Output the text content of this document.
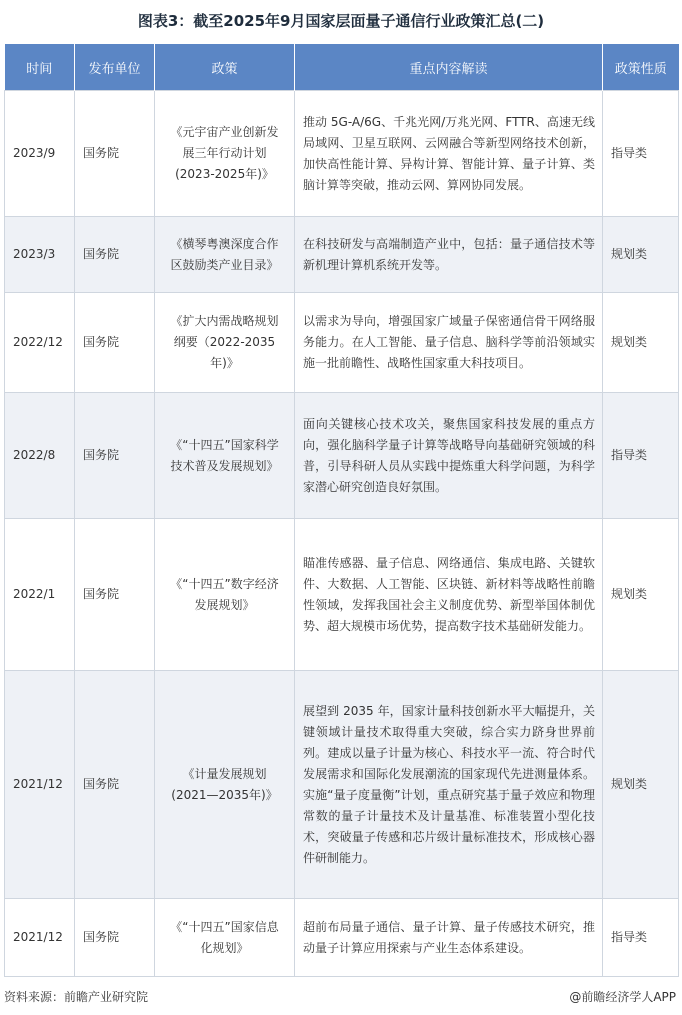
图表3：截至2025年9月国家层面量子通信行业政策汇总(二)
时间	发布单位	政策	重点内容解读	政策性质
2023/9	国务院	《元宇宙产业创新发展三年行动计划(2023-2025年)》	推动 5G-A/6G、千兆光网/万兆光网、FTTR、高速无线局域网、卫星互联网、云网融合等新型网络技术创新，加快高性能计算、异构计算、智能计算、量子计算、类脑计算等突破，推动云网、算网协同发展。	指导类
2023/3	国务院	《横琴粤澳深度合作区鼓励类产业目录》	在科技研发与高端制造产业中，包括：量子通信技术等新机理计算机系统开发等。	规划类
2022/12	国务院	《扩大内需战略规划纲要（2022-2035年)》	以需求为导向，增强国家广域量子保密通信骨干网络服务能力。在人工智能、量子信息、脑科学等前沿领域实施一批前瞻性、战略性国家重大科技项目。	规划类
2022/8	国务院	《“十四五”国家科学技术普及发展规划》	面向关键核心技术攻关，聚焦国家科技发展的重点方向，强化脑科学量子计算等战略导向基础研究领域的科普，引导科研人员从实践中提炼重大科学问题，为科学家潜心研究创造良好氛围。	指导类
2022/1	国务院	《“十四五”数字经济发展规划》	瞄准传感器、量子信息、网络通信、集成电路、关键软件、大数据、人工智能、区块链、新材料等战略性前瞻性领域，发挥我国社会主义制度优势、新型举国体制优势、超大规模市场优势，提高数字技术基础研发能力。	规划类
2021/12	国务院	《计量发展规划(2021—2035年)》	展望到 2035 年，国家计量科技创新水平大幅提升，关键领域计量技术取得重大突破，综合实力跻身世界前列。建成以量子计量为核心、科技水平一流、符合时代发展需求和国际化发展潮流的国家现代先进测量体系。实施“量子度量衡”计划，重点研究基于量子效应和物理常数的量子计量技术及计量基准、标准装置小型化技术，突破量子传感和芯片级计量标准技术，形成核心器件研制能力。	规划类
2021/12	国务院	《“十四五”国家信息化规划》	超前布局量子通信、量子计算、量子传感技术研究，推动量子计算应用探索与产业生态体系建设。	指导类
资料来源：前瞻产业研究院	@前瞻经济学人APP
